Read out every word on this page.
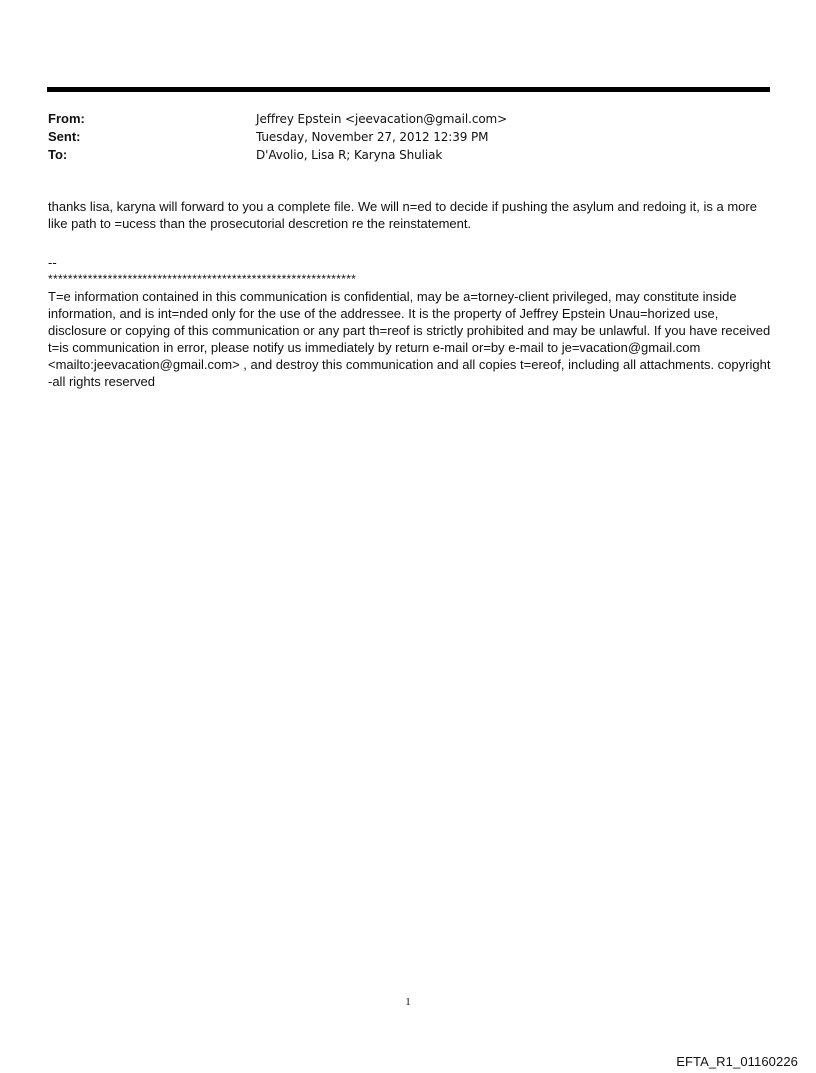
From:	Jeffrey Epstein <jeevacation@gmail.com>
Sent:	Tuesday, November 27, 2012 12:39 PM
To:	D'Avolio, Lisa R; Karyna Shuliak
thanks lisa, karyna will forward to you a complete file. We will n=ed to decide if pushing the asylum and redoing it, is a more like path to =ucess than the prosecutorial descretion re the reinstatement.
--
**************************************************************
T=e information contained in this communication is confidential, may be a=torney-client privileged, may constitute inside information, and is int=nded only for the use of the addressee. It is the property of Jeffrey Epstein Unau=horized use, disclosure or copying of this communication or any part th=reof is strictly prohibited and may be unlawful. If you have received t=is communication in error, please notify us immediately by return e-mail or=by e-mail to je=vacation@gmail.com <mailto:jeevacation@gmail.com> , and destroy this communication and all copies t=ereof, including all attachments. copyright -all rights reserved
1
EFTA_R1_01160226
